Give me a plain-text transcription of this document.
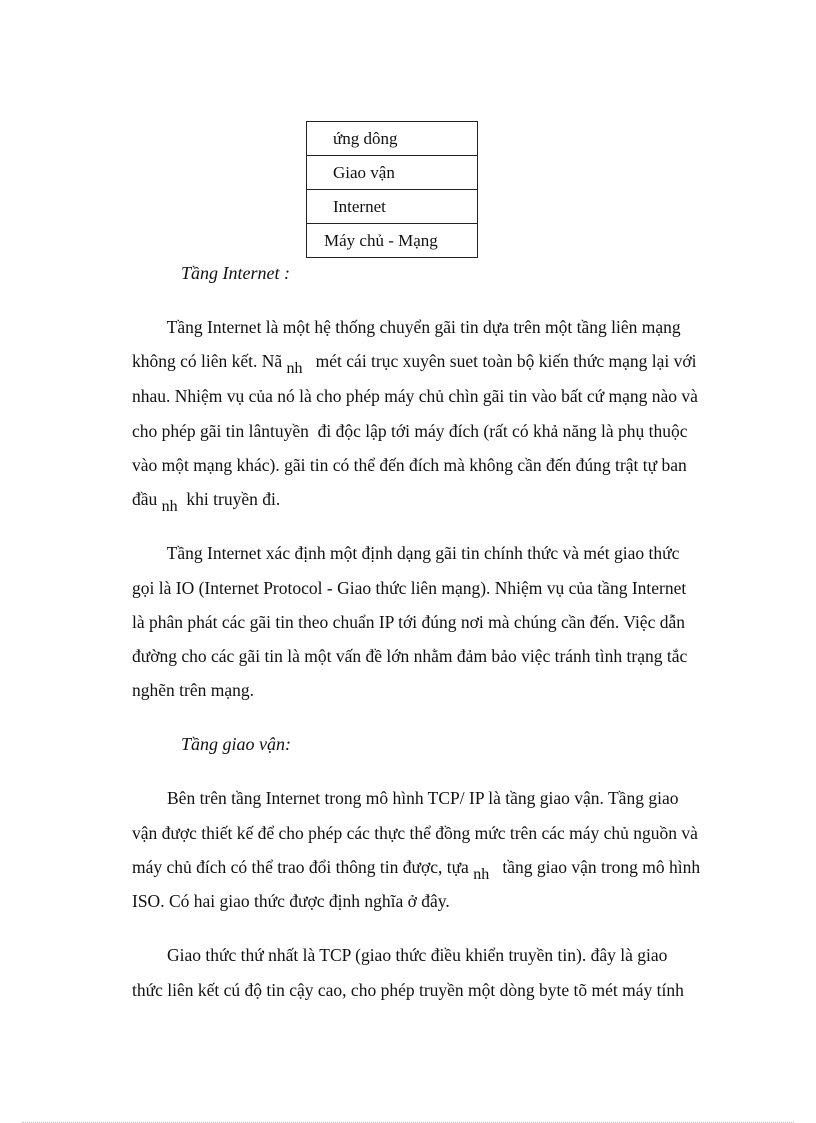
ứng dông
Giao vận
Internet
Máy chủ - Mạng
Tầng Internet :
Tầng Internet là một hệ thống chuyển gãi tin dựa trên một tầng liên mạng
không có liên kết. Nã nh   mét cái trục xuyên suet toàn bộ kiến thức mạng lại với
nhau. Nhiệm vụ của nó là cho phép máy chủ chìn gãi tin vào bất cứ mạng nào và
cho phép gãi tin lântuyền  đi độc lập tới máy đích (rất có khả năng là phụ thuộc
vào một mạng khác). gãi tin có thể đến đích mà không cần đến đúng trật tự ban
đầu nh  khi truyền đi.
Tầng Internet xác định một định dạng gãi tin chính thức và mét giao thức
gọi là IO (Internet Protocol - Giao thức liên mạng). Nhiệm vụ của tầng Internet
là phân phát các gãi tin theo chuẩn IP tới đúng nơi mà chúng cần đến. Việc dẫn
đường cho các gãi tin là một vấn đề lớn nhằm đảm bảo việc tránh tình trạng tắc
nghẽn trên mạng.
Tầng giao vận:
Bên trên tầng Internet trong mô hình TCP/ IP là tầng giao vận. Tầng giao
vận được thiết kế để cho phép các thực thể đồng mức trên các máy chủ nguồn và
máy chủ đích có thể trao đổi thông tin được, tựa nh   tầng giao vận trong mô hình
ISO. Có hai giao thức được định nghĩa ở đây.
Giao thức thứ nhất là TCP (giao thức điều khiển truyền tin). đây là giao
thức liên kết cú độ tin cậy cao, cho phép truyền một dòng byte tõ mét máy tính
